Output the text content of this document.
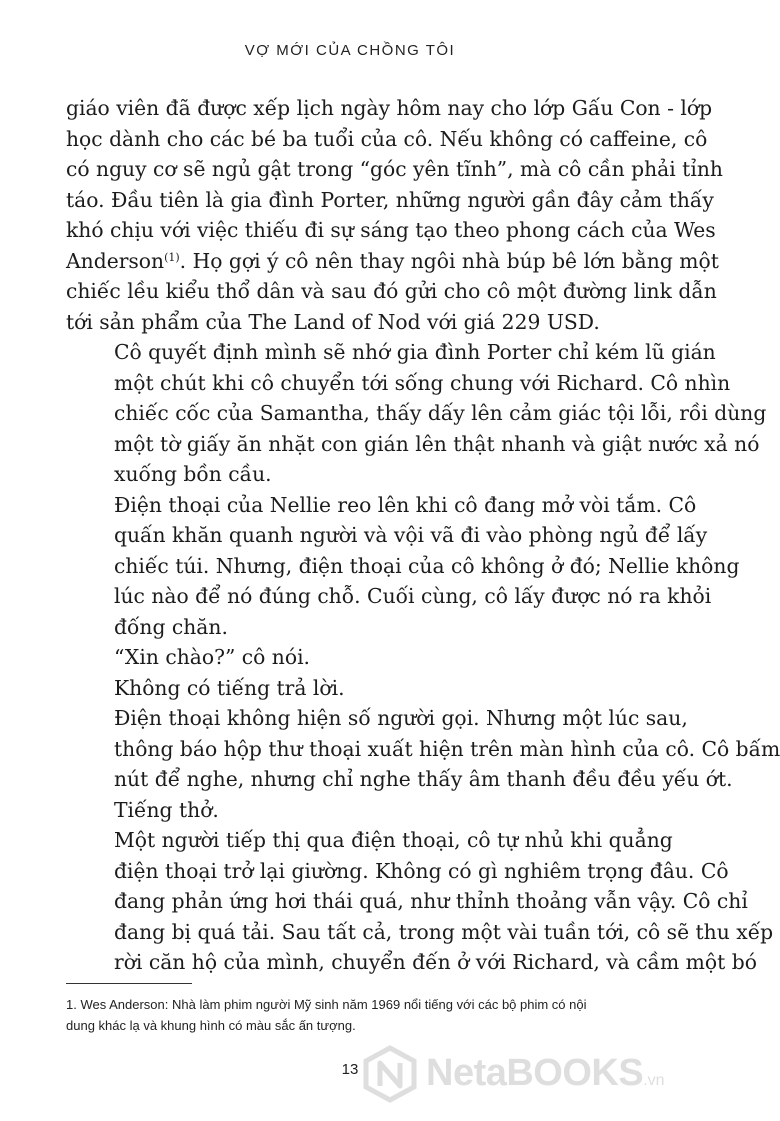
VỢ MỚI CỦA CHỒNG TÔI

giáo viên đã được xếp lịch ngày hôm nay cho lớp Gấu Con - lớp
học dành cho các bé ba tuổi của cô. Nếu không có caffeine, cô
có nguy cơ sẽ ngủ gật trong “góc yên tĩnh”, mà cô cần phải tỉnh
táo. Đầu tiên là gia đình Porter, những người gần đây cảm thấy
khó chịu với việc thiếu đi sự sáng tạo theo phong cách của Wes
Anderson$^{(1)}$. Họ gợi ý cô nên thay ngôi nhà búp bê lớn bằng một
chiếc lều kiểu thổ dân và sau đó gửi cho cô một đường link dẫn
tới sản phẩm của The Land of Nod với giá 229 USD.

Cô quyết định mình sẽ nhớ gia đình Porter chỉ kém lũ gián
một chút khi cô chuyển tới sống chung với Richard. Cô nhìn
chiếc cốc của Samantha, thấy dấy lên cảm giác tội lỗi, rồi dùng
một tờ giấy ăn nhặt con gián lên thật nhanh và giật nước xả nó
xuống bồn cầu.

Điện thoại của Nellie reo lên khi cô đang mở vòi tắm. Cô
quấn khăn quanh người và vội vã đi vào phòng ngủ để lấy
chiếc túi. Nhưng, điện thoại của cô không ở đó; Nellie không
lúc nào để nó đúng chỗ. Cuối cùng, cô lấy được nó ra khỏi
đống chăn.

“Xin chào?” cô nói.

Không có tiếng trả lời.

Điện thoại không hiện số người gọi. Nhưng một lúc sau,
thông báo hộp thư thoại xuất hiện trên màn hình của cô. Cô bấm
nút để nghe, nhưng chỉ nghe thấy âm thanh đều đều yếu ớt.
Tiếng thở.

Một người tiếp thị qua điện thoại, cô tự nhủ khi quẳng
điện thoại trở lại giường. Không có gì nghiêm trọng đâu. Cô
đang phản ứng hơi thái quá, như thỉnh thoảng vẫn vậy. Cô chỉ
đang bị quá tải. Sau tất cả, trong một vài tuần tới, cô sẽ thu xếp
rời căn hộ của mình, chuyển đến ở với Richard, và cầm một bó

1. Wes Anderson: Nhà làm phim người Mỹ sinh năm 1969 nổi tiếng với các bộ phim có nội
dung khác lạ và khung hình có màu sắc ấn tượng.
13	NetaBOOKS.vn
